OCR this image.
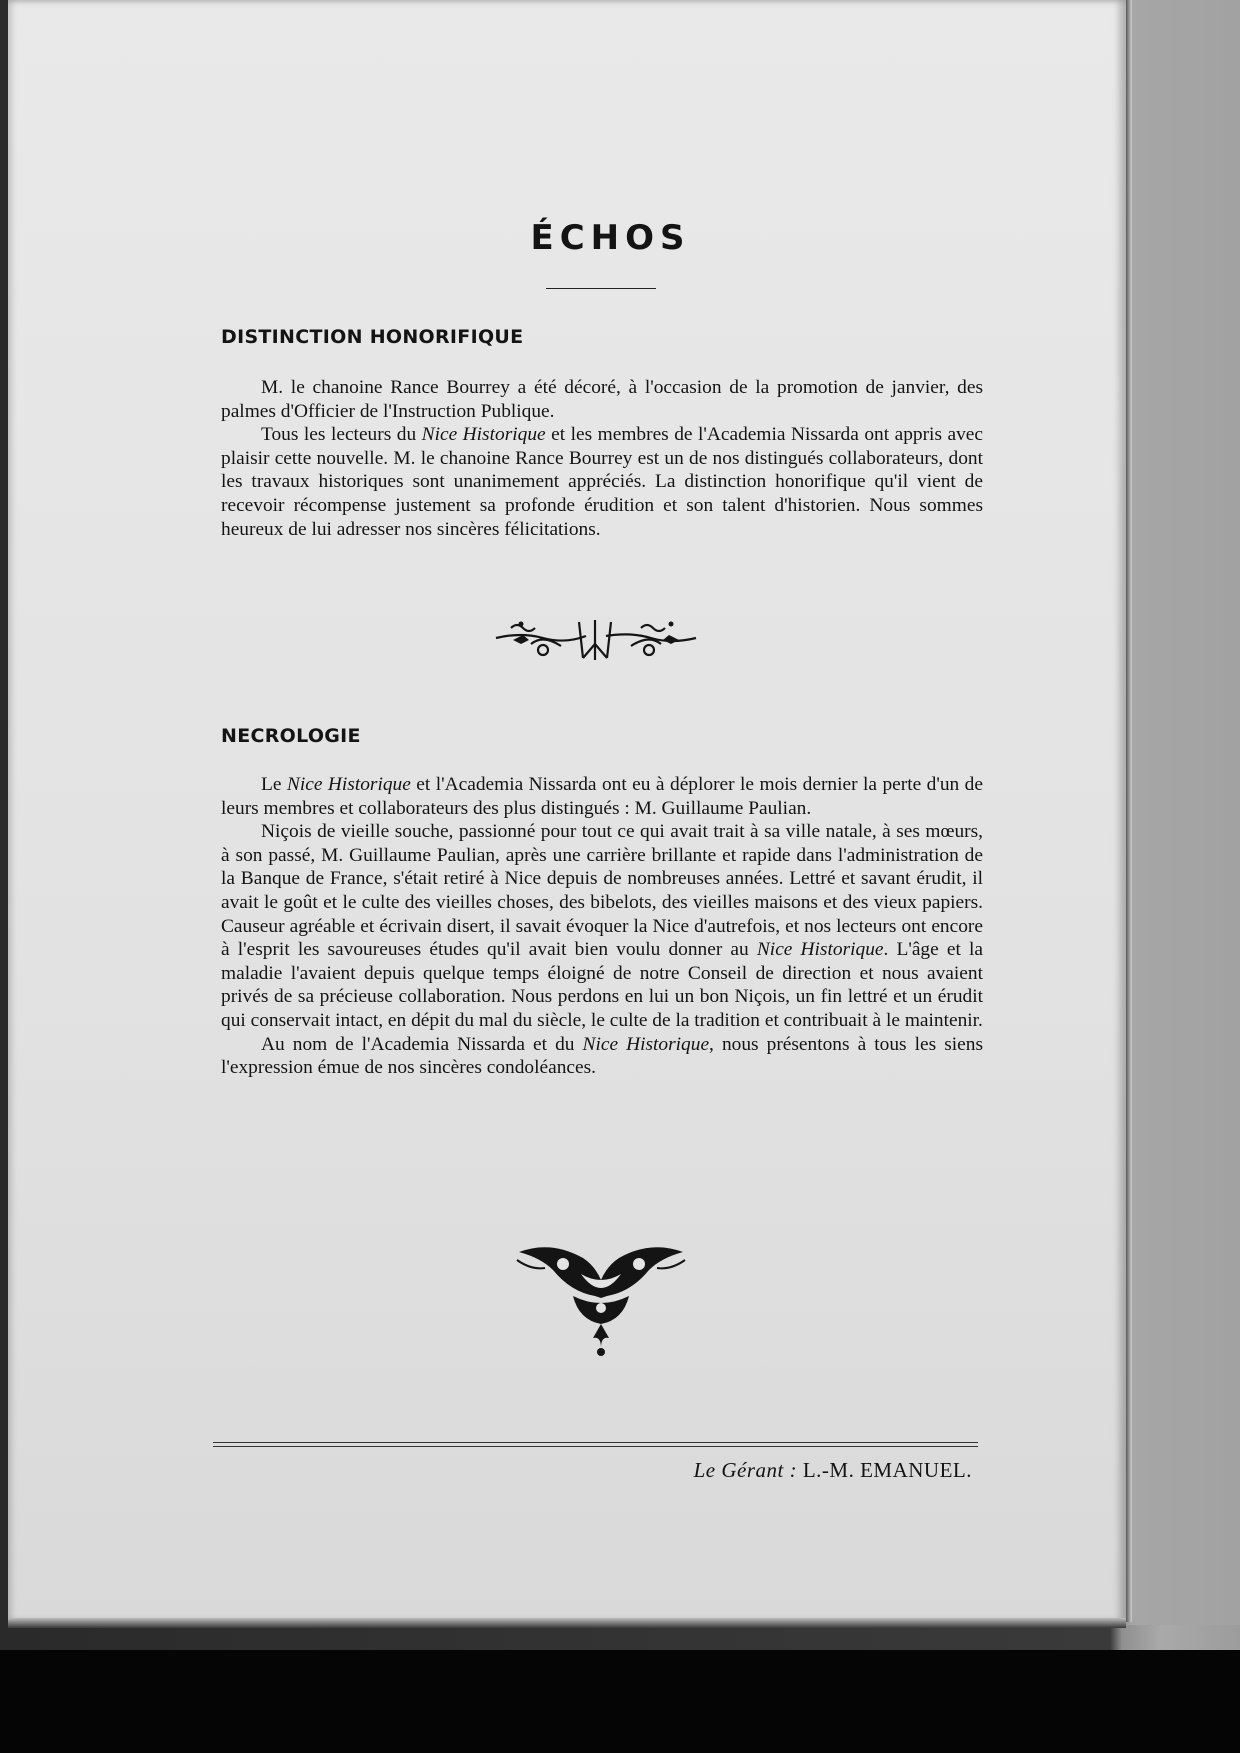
ÉCHOS
DISTINCTION HONORIFIQUE

M. le chanoine Rance Bourrey a été décoré, à l'occasion de la promotion de janvier, des palmes d'Officier de l'Instruction Publique.

Tous les lecteurs du Nice Historique et les membres de l'Academia Nissarda ont appris avec plaisir cette nouvelle. M. le chanoine Rance Bourrey est un de nos distingués collaborateurs, dont les travaux historiques sont unanimement appréciés. La distinction honorifique qu'il vient de recevoir récompense justement sa profonde érudition et son talent d'historien. Nous sommes heureux de lui adresser nos sincères félicitations.

NECROLOGIE

Le Nice Historique et l'Academia Nissarda ont eu à déplorer le mois dernier la perte d'un de leurs membres et collaborateurs des plus distingués : M. Guillaume Paulian.

Niçois de vieille souche, passionné pour tout ce qui avait trait à sa ville natale, à ses mœurs, à son passé, M. Guillaume Paulian, après une carrière brillante et rapide dans l'administration de la Banque de France, s'était retiré à Nice depuis de nombreuses années. Lettré et savant érudit, il avait le goût et le culte des vieilles choses, des bibelots, des vieilles maisons et des vieux papiers. Causeur agréable et écrivain disert, il savait évoquer la Nice d'autrefois, et nos lecteurs ont encore à l'esprit les savoureuses études qu'il avait bien voulu donner au Nice Historique. L'âge et la maladie l'avaient depuis quelque temps éloigné de notre Conseil de direction et nous avaient privés de sa précieuse collaboration. Nous perdons en lui un bon Niçois, un fin lettré et un érudit qui conservait intact, en dépit du mal du siècle, le culte de la tradition et contribuait à le maintenir.

Au nom de l'Academia Nissarda et du Nice Historique, nous présentons à tous les siens l'expression émue de nos sincères condoléances.

Le Gérant : L.-M. EMANUEL.
